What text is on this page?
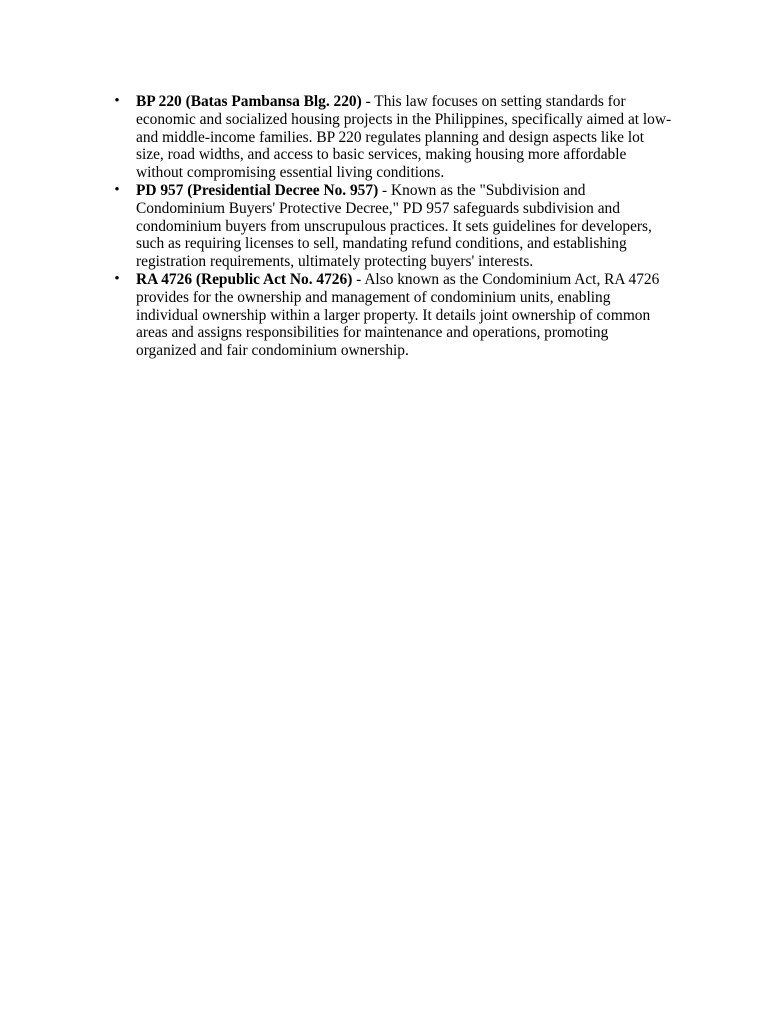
• BP 220 (Batas Pambansa Blg. 220) - This law focuses on setting standards for economic and socialized housing projects in the Philippines, specifically aimed at low-and middle-income families. BP 220 regulates planning and design aspects like lot size, road widths, and access to basic services, making housing more affordable without compromising essential living conditions.
• PD 957 (Presidential Decree No. 957) - Known as the "Subdivision and Condominium Buyers' Protective Decree," PD 957 safeguards subdivision and condominium buyers from unscrupulous practices. It sets guidelines for developers, such as requiring licenses to sell, mandating refund conditions, and establishing registration requirements, ultimately protecting buyers' interests.
• RA 4726 (Republic Act No. 4726) - Also known as the Condominium Act, RA 4726 provides for the ownership and management of condominium units, enabling individual ownership within a larger property. It details joint ownership of common areas and assigns responsibilities for maintenance and operations, promoting organized and fair condominium ownership.
